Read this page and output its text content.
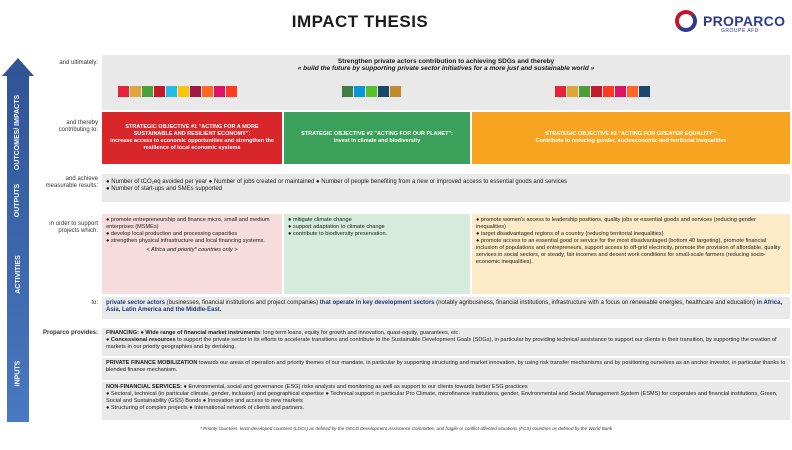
IMPACT THESIS	PROPARCO
GROUPE AFD
OUTCOMES/ IMPACTS
OUTPUTS
ACTIVITIES
INPUTS
and ultimately:
and thereby contributing to:
and achieve measurable results:
in order to support projects which:
to:
Proparco provides:
Strengthen private actors contribution to achieving SDGs and thereby
« build the future by supporting private sector initiatives for a more just and sustainable world »
STRATEGIC OBJECTIVE #1 "ACTING FOR A MORE SUSTAINABLE AND RESILIENT ECONOMY":
increase access to economic opportunities and strengthen the resilience of local economic systems
STRATEGIC OBJECTIVE #2 "ACTING FOR OUR PLANET":
invest in climate and biodiversity
STRATEGIC OBJECTIVE #3 "ACTING FOR GREATER EQUALITY":
Contribute to reducing gender, socioeconomic and territorial inequalities
● Number of tCO₂eq avoided per year ● Number of jobs created or maintained ● Number of people benefiting from a new or improved access to essential goods and services
● Number of start-ups and SMEs supported
● promote entrepreneurship and finance micro, small and medium enterprises (MSMEs)
● develop local production and processing capacities
● strengthen physical infrastructure and local financing systems.
< Africa and priority* countries only >
● mitigate climate change
● support adaptation to climate change
● contribute to biodiversity preservation.
● promote women's access to leadership positions, quality jobs or essential goods and services (reducing gender inequalities)
● target disadvantaged regions of a country (reducing territorial inequalities)
● promote access to an essential good or service for the most disadvantaged (bottom 40 targeting), promote financial inclusion of populations and entrepreneurs, support access to off-grid electricity, promote the provision of affordable, quality services in social sectors, or steady, fair incomes and decent work conditions for small-scale farmers (reducing socio-economic inequalities).
private sector actors (businesses, financial institutions and project companies) that operate in key development sectors (notably agribusiness, financial institutions, infrastructure with a focus on renewable energies, healthcare and education) in Africa, Asia, Latin America and the Middle-East.
FINANCING: ● Wide range of financial market instruments: long term loans, equity for growth and innovation, quasi-equity, guarantees, etc.
● Concessional resources to support the private sector in its efforts to accelerate transitions and contribute to the Sustainable Development Goals (SDGs), in particular by providing technical assistance to support our clients in their transition, by supporting the creation of markets in our priority geographies and by derisking.
PRIVATE FINANCE MOBILIZATION towards our areas of operation and priority themes of our mandate, in particular by supporting structuring and market innovation, by using risk transfer mechanisms and by positioning ourselves as an anchor investor, in particular thanks to blended finance mechanism.
NON-FINANCIAL SERVICES: ● Environmental, social and governance (ESG) risks analysis and monitoring as well as support to our clients towards better ESG practices
● Sectoral, technical (in particular climate, gender, inclusion) and geographical expertise ● Technical support in particular Pro Climate, microfinance institutions, gender, Environmental and Social Management System (ESMS) for corporates and financial institutions, Green, Social and Sustainability (GSS) Bonds ● Innovation and access to new markets
● Structuring of complex projects ● International network of clients and partners.
* Priority countries: least-developed countries (LDCs) as defined by the OECD Development Assistance Committee, and fragile or conflict-affected situations (FCS) countries as defined by the World Bank
